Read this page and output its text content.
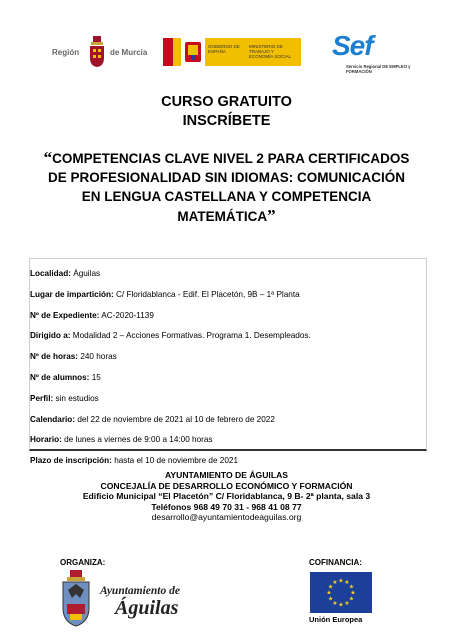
Región	de Murcia
GOBIERNO DE ESPAÑA
MINISTERIO DE TRABAJO Y ECONOMÍA SOCIAL Sef
Servicio Regional DE EMPLEO y FORMACIÓN
CURSO GRATUITO
INSCRÍBETE
“COMPETENCIAS CLAVE NIVEL 2 PARA CERTIFICADOS DE PROFESIONALIDAD SIN IDIOMAS: COMUNICACIÓN EN LENGUA CASTELLANA Y COMPETENCIA MATEMÁTICA”
Localidad: Águilas
Lugar de impartición: C/ Floridablanca - Edif. El Placetón, 9B – 1ª Planta
Nº de Expediente: AC-2020-1139
Dirigido a: Modalidad 2 – Acciones Formativas. Programa 1. Desempleados.
Nº de horas: 240 horas
Nº de alumnos: 15
Perfil: sin estudios
Calendario: del 22 de noviembre de 2021 al 10 de febrero de 2022
Horario: de lunes a viernes de 9:00 a 14:00 horas
Plazo de inscripción: hasta el 10 de noviembre de 2021
AYUNTAMIENTO DE ÁGUILAS
CONCEJALÍA DE DESARROLLO ECONÓMICO Y FORMACIÓN
Edificio Municipal “El Placetón” C/ Floridablanca, 9 B- 2ª planta, sala 3
Teléfonos 968 49 70 31 - 968 41 08 77
desarrollo@ayuntamientodeaguilas.org
ORGANIZA:
Ayuntamiento de
Águilas
COFINANCIA:
★ ★
★
★
★
★
★
★
★
★
★
★
Unión Europea
